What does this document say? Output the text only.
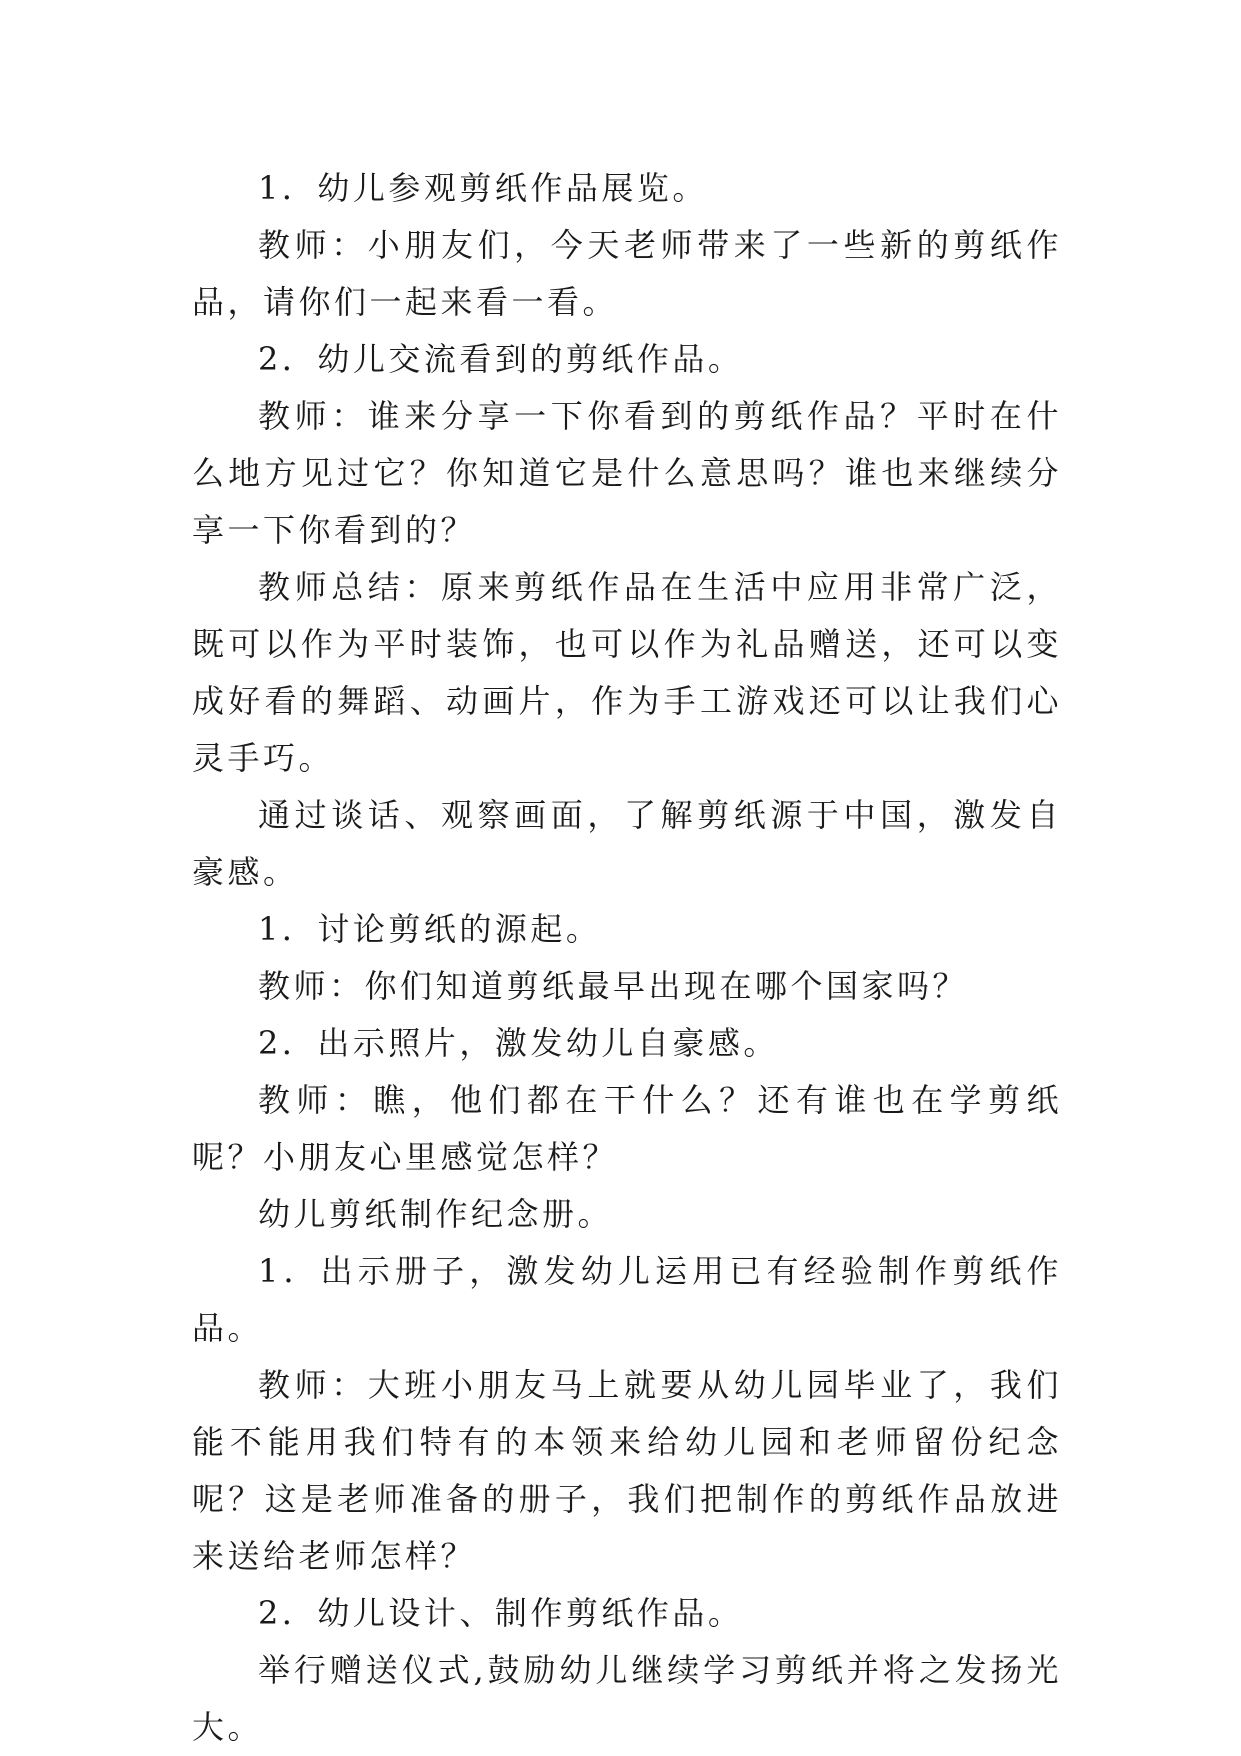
1．幼儿参观剪纸作品展览。

教师：小朋友们，今天老师带来了一些新的剪纸作品，请你们一起来看一看。

2．幼儿交流看到的剪纸作品。

教师：谁来分享一下你看到的剪纸作品？平时在什么地方见过它？你知道它是什么意思吗？谁也来继续分享一下你看到的？

教师总结：原来剪纸作品在生活中应用非常广泛，既可以作为平时装饰，也可以作为礼品赠送，还可以变成好看的舞蹈、动画片，作为手工游戏还可以让我们心灵手巧。

通过谈话、观察画面，了解剪纸源于中国，激发自豪感。

1．讨论剪纸的源起。

教师：你们知道剪纸最早出现在哪个国家吗？

2．出示照片，激发幼儿自豪感。

教师：瞧，他们都在干什么？还有谁也在学剪纸呢？小朋友心里感觉怎样？

幼儿剪纸制作纪念册。

1．出示册子，激发幼儿运用已有经验制作剪纸作品。

教师：大班小朋友马上就要从幼儿园毕业了，我们能不能用我们特有的本领来给幼儿园和老师留份纪念呢？这是老师准备的册子，我们把制作的剪纸作品放进来送给老师怎样？

2．幼儿设计、制作剪纸作品。

举行赠送仪式,鼓励幼儿继续学习剪纸并将之发扬光大。
